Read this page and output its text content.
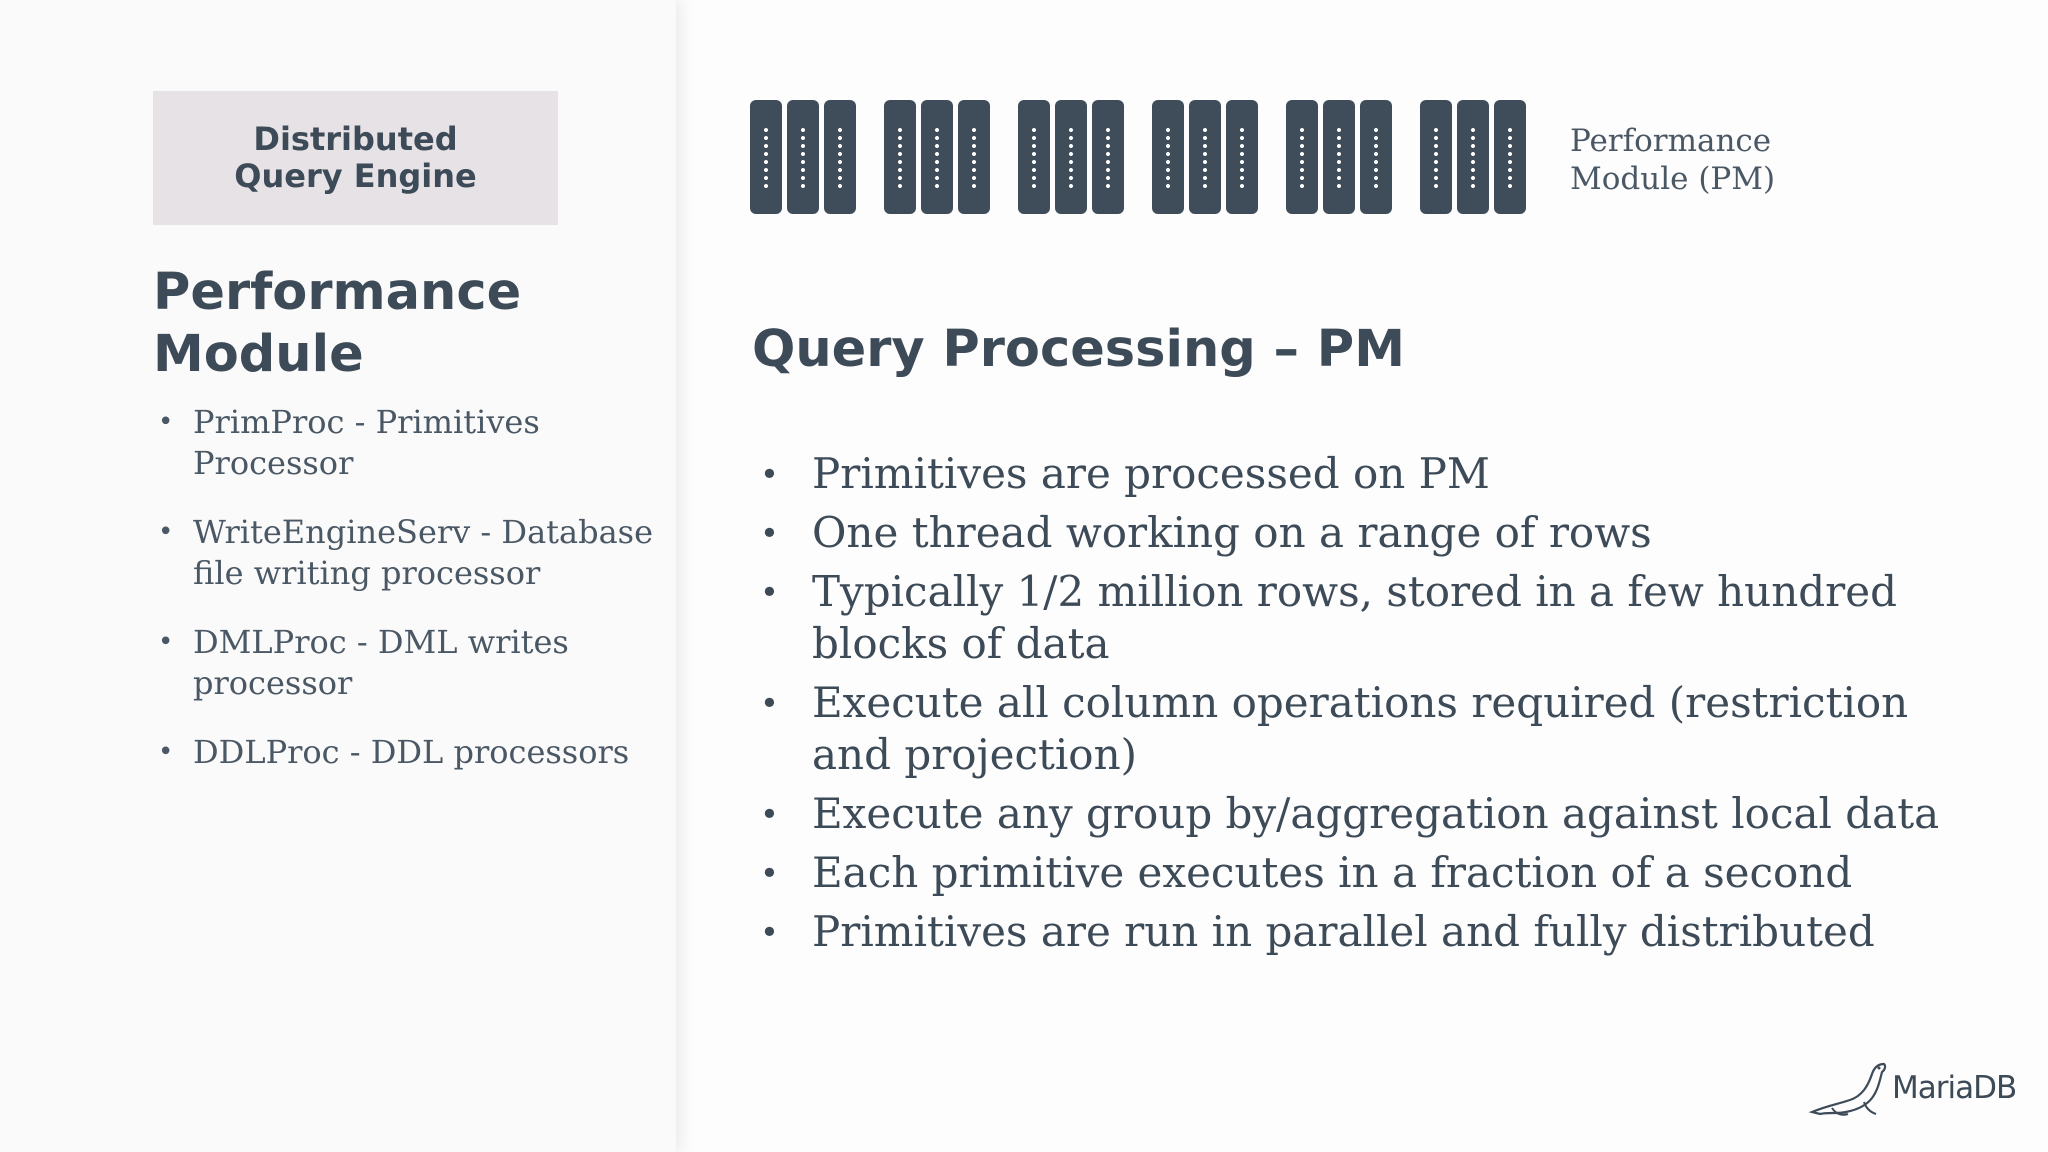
Distributed
Query Engine
Performance
Module
• PrimProc - Primitives Processor
• WriteEngineServ - Database file writing processor
• DMLProc - DML writes processor
• DDLProc - DDL processors
Performance
Module (PM)
Query Processing – PM
• Primitives are processed on PM
• One thread working on a range of rows
• Typically 1/2 million rows, stored in a few hundred blocks of data
• Execute all column operations required (restriction and projection)
• Execute any group by/aggregation against local data
• Each primitive executes in a fraction of a second
• Primitives are run in parallel and fully distributed
MariaDB
